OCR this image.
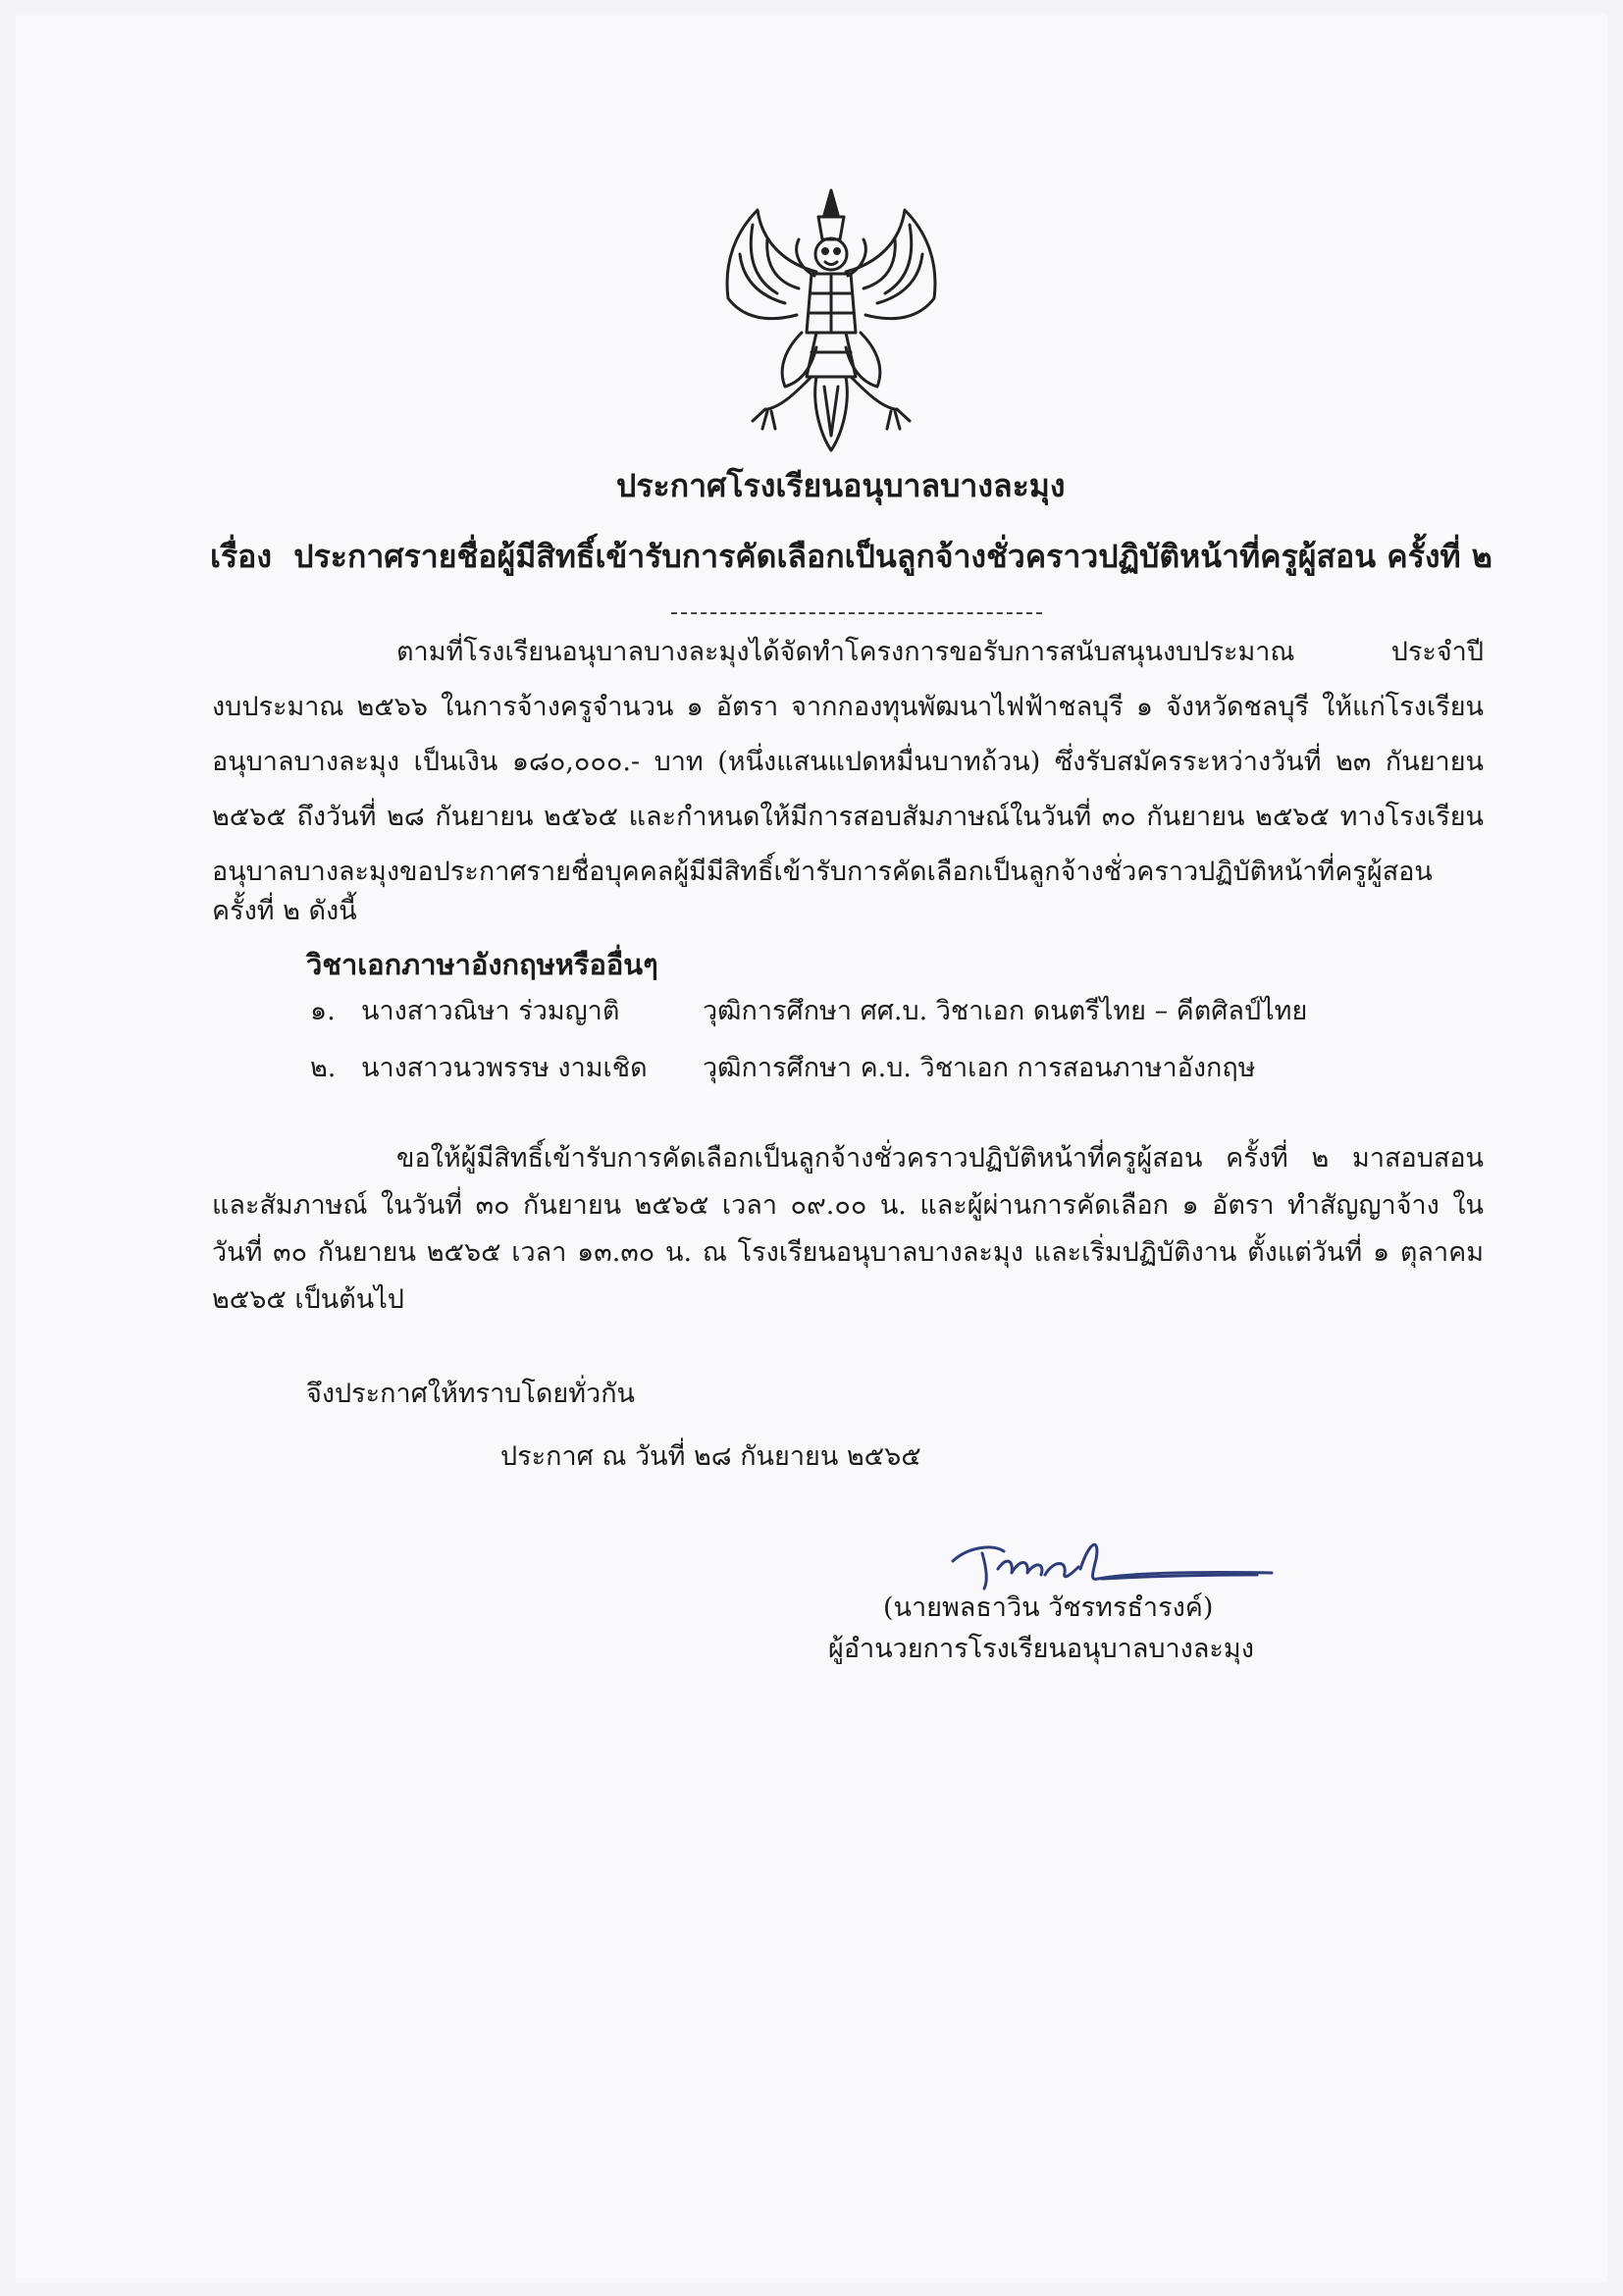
ประกาศโรงเรียนอนุบาลบางละมุง
เรื่อง ประกาศรายชื่อผู้มีสิทธิ์เข้ารับการคัดเลือกเป็นลูกจ้างชั่วคราวปฏิบัติหน้าที่ครูผู้สอน ครั้งที่ ๒
ตามที่โรงเรียนอนุบาลบางละมุงได้จัดทำโครงการขอรับการสนับสนุนงบประมาณ ประจำปี
งบประมาณ ๒๕๖๖ ในการจ้างครูจำนวน ๑ อัตรา จากกองทุนพัฒนาไฟฟ้าชลบุรี ๑ จังหวัดชลบุรี ให้แก่โรงเรียน
อนุบาลบางละมุง เป็นเงิน ๑๘๐,๐๐๐.- บาท (หนึ่งแสนแปดหมื่นบาทถ้วน) ซึ่งรับสมัครระหว่างวันที่ ๒๓ กันยายน
๒๕๖๕ ถึงวันที่ ๒๘ กันยายน ๒๕๖๕ และกำหนดให้มีการสอบสัมภาษณ์ในวันที่ ๓๐ กันยายน ๒๕๖๕ ทางโรงเรียน
อนุบาลบางละมุงขอประกาศรายชื่อบุคคลผู้มีมีสิทธิ์เข้ารับการคัดเลือกเป็นลูกจ้างชั่วคราวปฏิบัติหน้าที่ครูผู้สอน
ครั้งที่ ๒ ดังนี้
วิชาเอกภาษาอังกฤษหรืออื่นๆ
๑. นางสาวณิษา ร่วมญาติ	วุฒิการศึกษา ศศ.บ. วิชาเอก ดนตรีไทย – คีตศิลป์ไทย
๒. นางสาวนวพรรษ งามเชิด วุฒิการศึกษา ค.บ. วิชาเอก การสอนภาษาอังกฤษ
ขอให้ผู้มีสิทธิ์เข้ารับการคัดเลือกเป็นลูกจ้างชั่วคราวปฏิบัติหน้าที่ครูผู้สอน ครั้งที่ ๒ มาสอบสอน
และสัมภาษณ์ ในวันที่ ๓๐ กันยายน ๒๕๖๕ เวลา ๐๙.๐๐ น. และผู้ผ่านการคัดเลือก ๑ อัตรา ทำสัญญาจ้าง ใน
วันที่ ๓๐ กันยายน ๒๕๖๕ เวลา ๑๓.๓๐ น. ณ โรงเรียนอนุบาลบางละมุง และเริ่มปฏิบัติงาน ตั้งแต่วันที่ ๑ ตุลาคม
๒๕๖๕ เป็นต้นไป
จึงประกาศให้ทราบโดยทั่วกัน
ประกาศ ณ วันที่ ๒๘ กันยายน ๒๕๖๕
(นายพลธาวิน วัชรทรธำรงค์)
ผู้อำนวยการโรงเรียนอนุบาลบางละมุง
